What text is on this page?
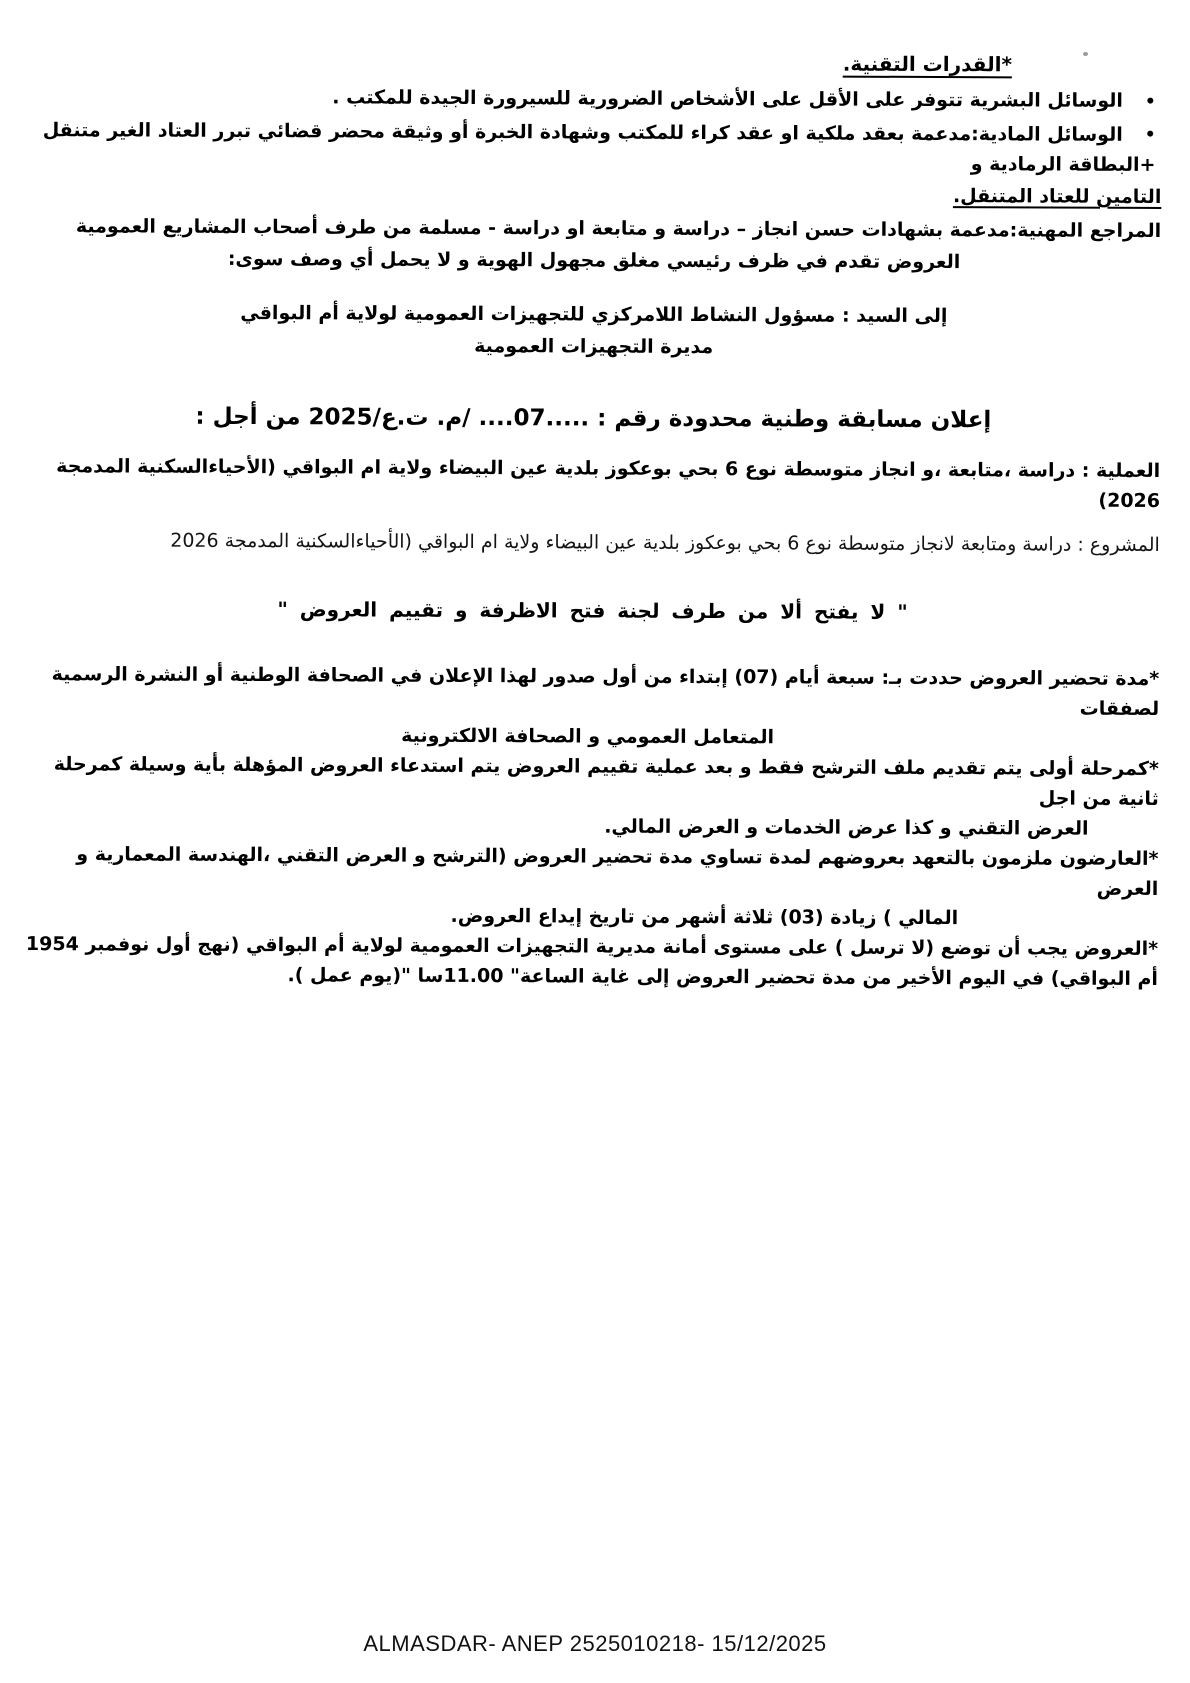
*القدرات التقنية.
•الوسائل البشرية تتوفر على الأقل على الأشخاص الضرورية للسيرورة الجيدة للمكتب .
•الوسائل المادية:مدعمة بعقد ملكية او عقد كراء للمكتب وشهادة الخبرة أو وثيقة محضر قضائي تبرر العتاد الغير متنقل +البطاقة الرمادية و
التامين للعتاد المتنقل.
المراجع المهنية:مدعمة بشهادات حسن انجاز – دراسة و متابعة او دراسة - مسلمة من طرف أصحاب المشاريع العمومية
العروض تقدم في ظرف رئيسي مغلق مجهول الهوية و لا يحمل أي وصف سوى:
إلى السيد : مسؤول النشاط اللامركزي للتجهيزات العمومية لولاية أم البواقي
مديرة التجهيزات العمومية
إعلان مسابقة وطنية محدودة رقم : .....07.... /م. ت.ع/2025 من أجل :
العملية : دراسة ،متابعة ،و انجاز متوسطة نوع 6 بحي بوعكوز بلدية عين البيضاء ولاية ام البواقي (الأحياءالسكنية المدمجة 2026)
المشروع : دراسة ومتابعة لانجاز متوسطة نوع 6 بحي بوعكوز بلدية عين البيضاء ولاية ام البواقي (الأحياءالسكنية المدمجة 2026
" لا يفتح ألا من طرف لجنة فتح الاظرفة و تقييم العروض "
*مدة تحضير العروض حددت بـ: سبعة أيام (07) إبتداء من أول صدور لهذا الإعلان في الصحافة الوطنية أو النشرة الرسمية لصفقات
المتعامل العمومي و الصحافة الالكترونية
*كمرحلة أولى يتم تقديم ملف الترشح فقط و بعد عملية تقييم العروض يتم استدعاء العروض المؤهلة بأية وسيلة كمرحلة ثانية من اجل
العرض التقني و كذا عرض الخدمات و العرض المالي.
*العارضون ملزمون بالتعهد بعروضهم لمدة تساوي مدة تحضير العروض (الترشح و العرض التقني ،الهندسة المعمارية و العرض
المالي ) زيادة (03) ثلاثة أشهر من تاريخ إيداع العروض.
*العروض يجب أن توضع (لا ترسل ) على مستوى أمانة مديرية التجهيزات العمومية لولاية أم البواقي (نهج أول نوفمبر 1954
أم البواقي) في اليوم الأخير من مدة تحضير العروض إلى غاية الساعة" 11.00سا "(يوم عمل ).
ALMASDAR- ANEP 2525010218- 15/12/2025
